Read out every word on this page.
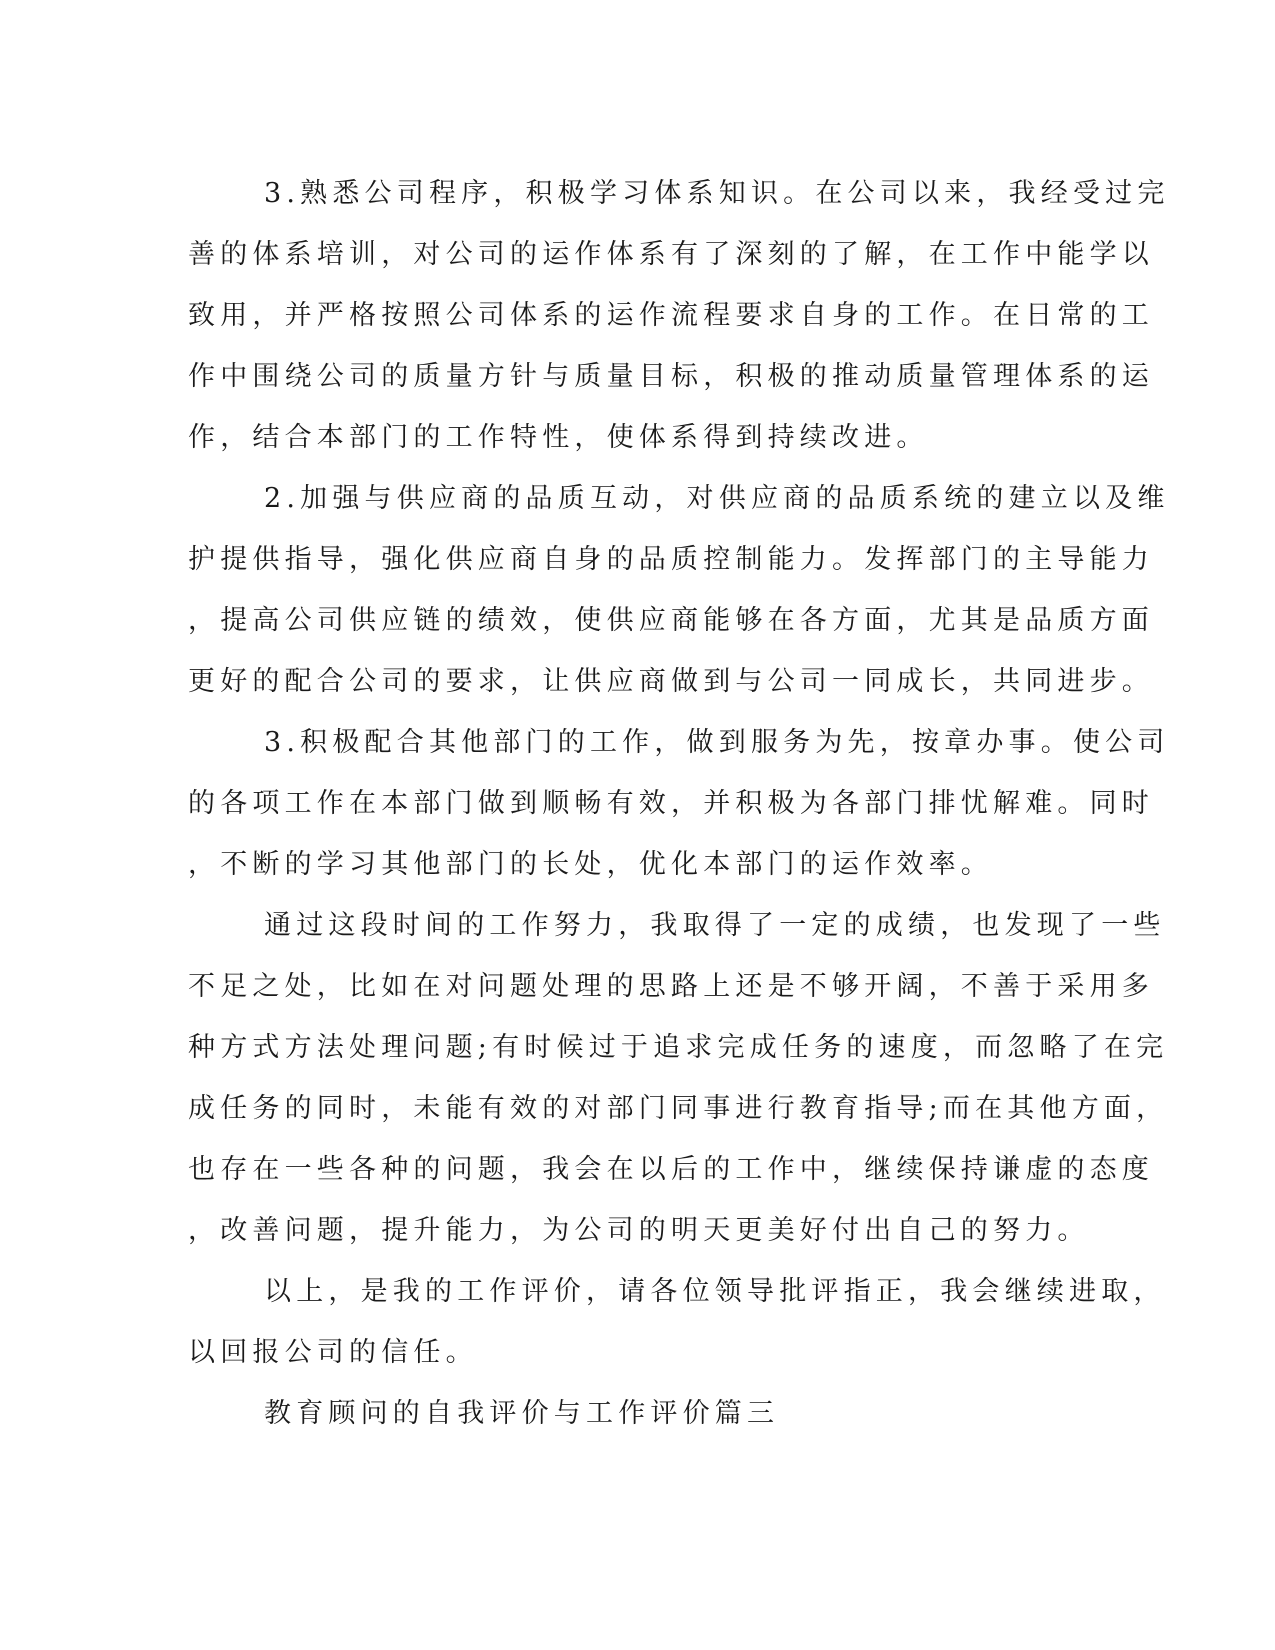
3.熟悉公司程序，积极学习体系知识。在公司以来，我经受过完
善的体系培训，对公司的运作体系有了深刻的了解，在工作中能学以
致用，并严格按照公司体系的运作流程要求自身的工作。在日常的工
作中围绕公司的质量方针与质量目标，积极的推动质量管理体系的运
作，结合本部门的工作特性，使体系得到持续改进。
2.加强与供应商的品质互动，对供应商的品质系统的建立以及维
护提供指导，强化供应商自身的品质控制能力。发挥部门的主导能力
，提高公司供应链的绩效，使供应商能够在各方面，尤其是品质方面
更好的配合公司的要求，让供应商做到与公司一同成长，共同进步。
3.积极配合其他部门的工作，做到服务为先，按章办事。使公司
的各项工作在本部门做到顺畅有效，并积极为各部门排忧解难。同时
，不断的学习其他部门的长处，优化本部门的运作效率。
通过这段时间的工作努力，我取得了一定的成绩，也发现了一些
不足之处，比如在对问题处理的思路上还是不够开阔，不善于采用多
种方式方法处理问题;有时候过于追求完成任务的速度，而忽略了在完
成任务的同时，未能有效的对部门同事进行教育指导;而在其他方面，
也存在一些各种的问题，我会在以后的工作中，继续保持谦虚的态度
，改善问题，提升能力，为公司的明天更美好付出自己的努力。
以上，是我的工作评价，请各位领导批评指正，我会继续进取，
以回报公司的信任。
教育顾问的自我评价与工作评价篇三
